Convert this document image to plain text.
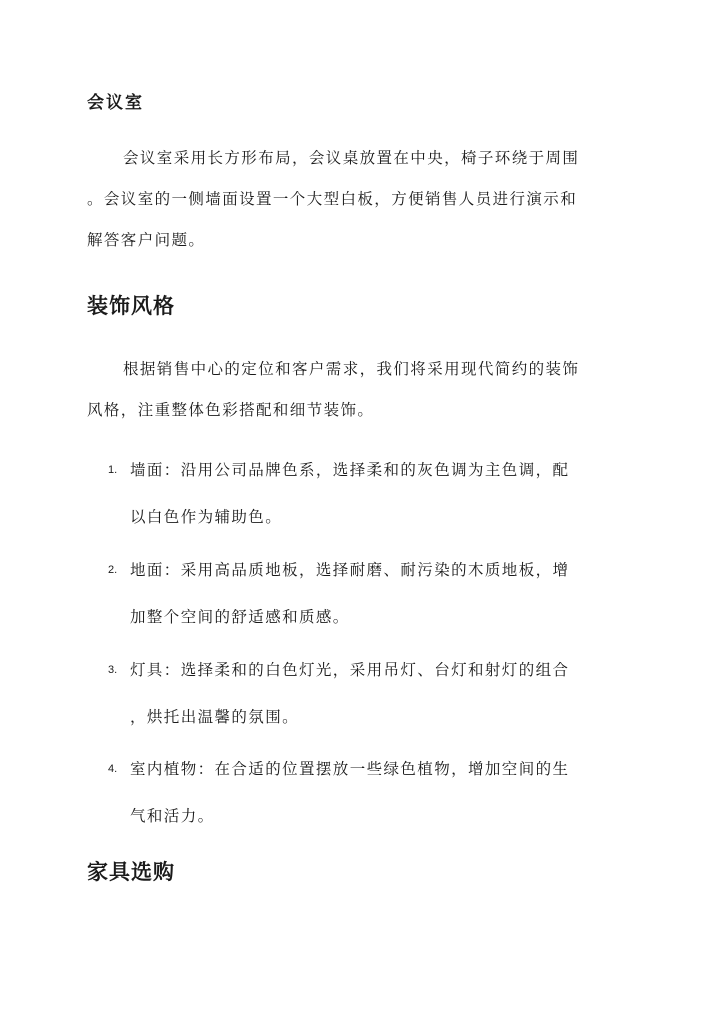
会议室
会议室采用长方形布局，会议桌放置在中央，椅子环绕于周围
。会议室的一侧墙面设置一个大型白板，方便销售人员进行演示和
解答客户问题。
装饰风格
根据销售中心的定位和客户需求，我们将采用现代简约的装饰
风格，注重整体色彩搭配和细节装饰。
1. 墙面：沿用公司品牌色系，选择柔和的灰色调为主色调，配
以白色作为辅助色。
2. 地面：采用高品质地板，选择耐磨、耐污染的木质地板，增
加整个空间的舒适感和质感。
3. 灯具：选择柔和的白色灯光，采用吊灯、台灯和射灯的组合
，烘托出温馨的氛围。
4. 室内植物：在合适的位置摆放一些绿色植物，增加空间的生
气和活力。
家具选购
